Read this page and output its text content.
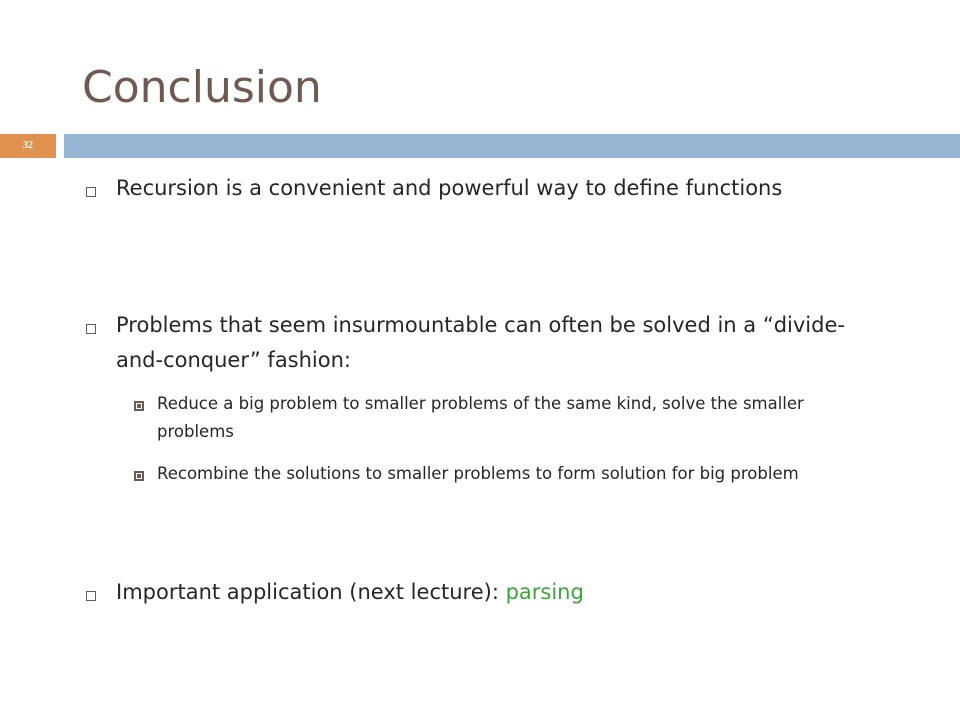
Conclusion
32
Recursion is a convenient and powerful way to define functions
Problems that seem insurmountable can often be solved in a “divide-and-conquer” fashion:
Reduce a big problem to smaller problems of the same kind, solve the smaller problems
Recombine the solutions to smaller problems to form solution for big problem
Important application (next lecture): parsing
